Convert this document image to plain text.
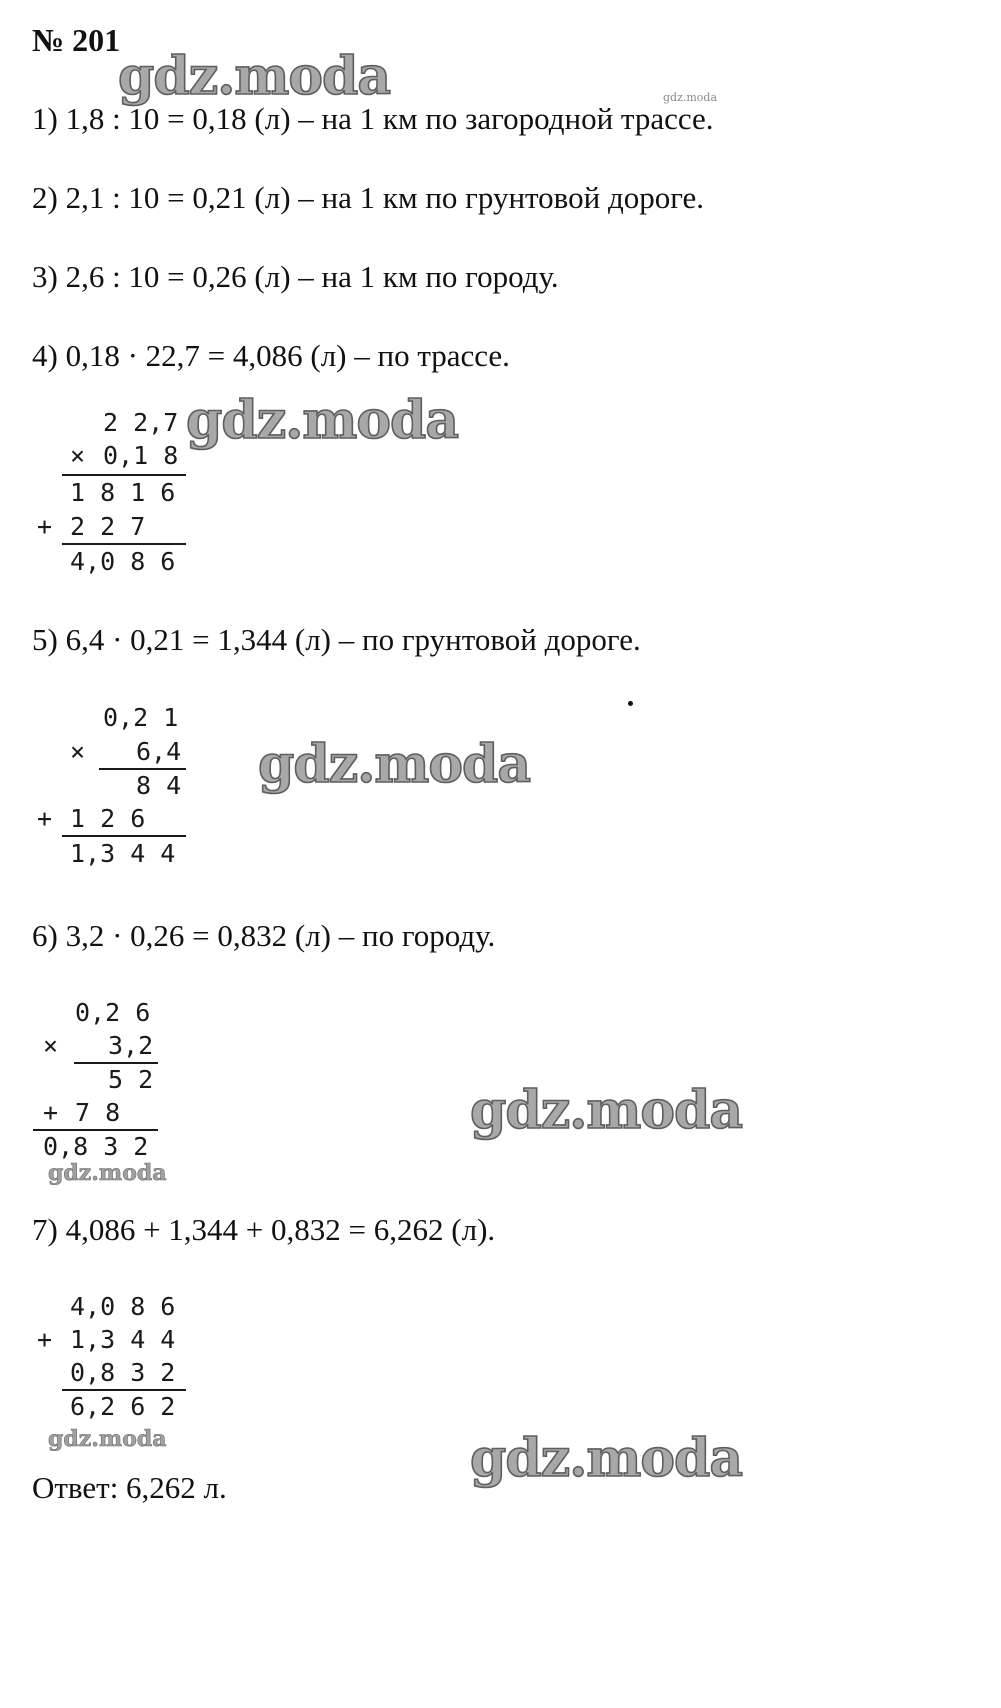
№ 201
gdz.moda	gdz.moda
gdz.moda
gdz.moda
gdz.moda
gdz.moda
gdz.moda	gdz.moda
1) 1,8 : 10 = 0,18 (л) – на 1 км по загородной трассе.
2) 2,1 : 10 = 0,21 (л) – на 1 км по грунтовой дороге.
3) 2,6 : 10 = 0,26 (л) – на 1 км по городу.
4) 0,18 · 22,7 = 4,086 (л) – по трассе.
2 2,7
× 0,1 8
1 8 1 6
+ 2 2 7
4,0 8 6
5) 6,4 · 0,21 = 1,344 (л) – по грунтовой дороге.
0,2 1
× 6,4
8 4
+ 1 2 6
1,3 4 4
6) 3,2 · 0,26 = 0,832 (л) – по городу.
0,2 6
× 3,2
5 2
+ 7 8
0,8 3 2
7) 4,086 + 1,344 + 0,832 = 6,262 (л).
4,0 8 6
+ 1,3 4 4
0,8 3 2
6,2 6 2
Ответ: 6,262 л.
